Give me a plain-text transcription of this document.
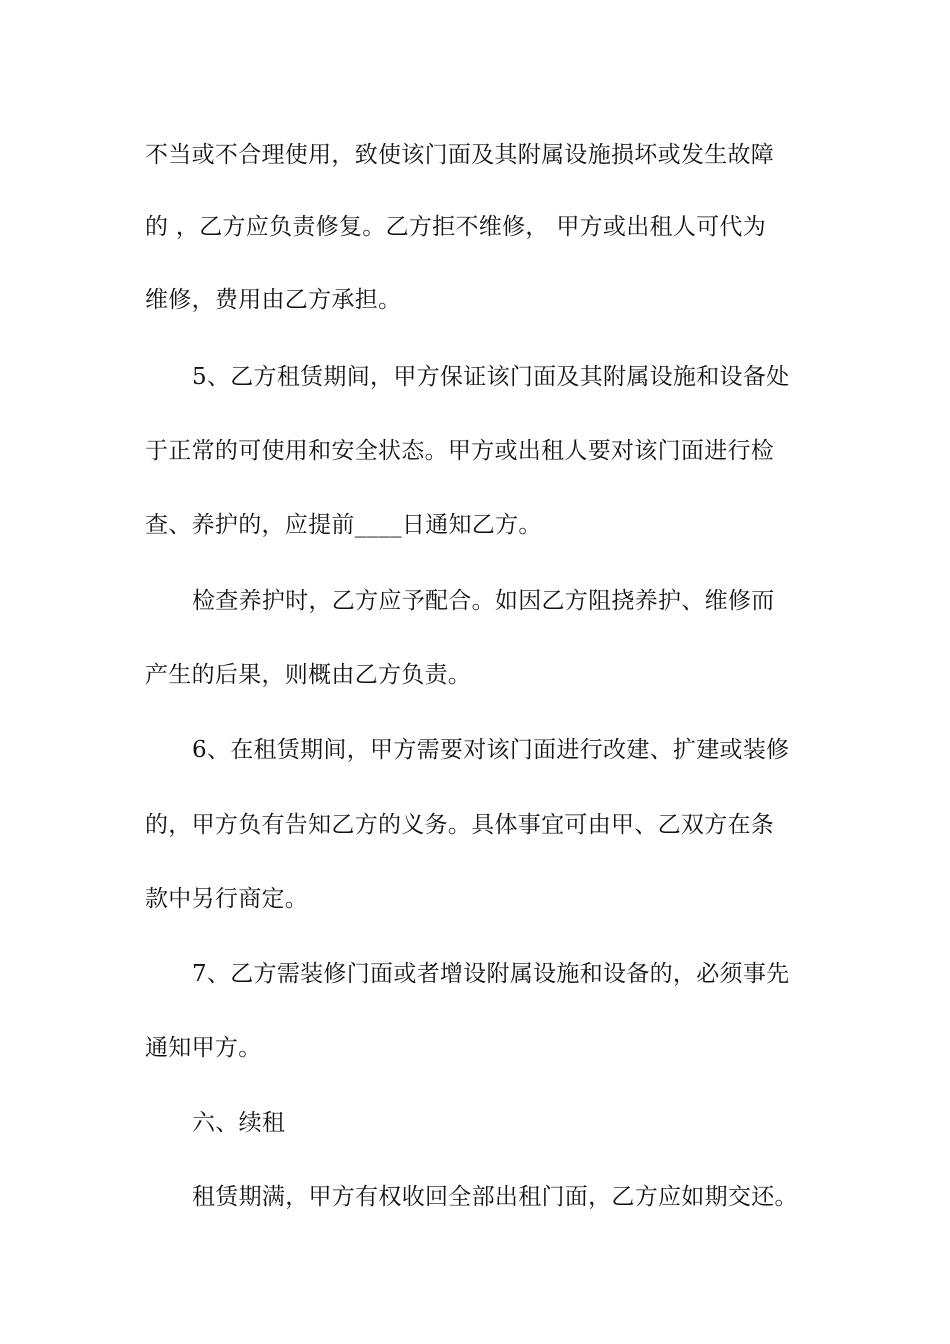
不当或不合理使用，致使该门面及其附属设施损坏或发生故障
的 ，乙方应负责修复。乙方拒不维修， 甲方或出租人可代为
维修，费用由乙方承担。
5、乙方租赁期间，甲方保证该门面及其附属设施和设备处
于正常的可使用和安全状态。甲方或出租人要对该门面进行检
查、养护的，应提前____日通知乙方。
检查养护时，乙方应予配合。如因乙方阻挠养护、维修而
产生的后果，则概由乙方负责。
6、在租赁期间，甲方需要对该门面进行改建、扩建或装修
的，甲方负有告知乙方的义务。具体事宜可由甲、乙双方在条
款中另行商定。
7、乙方需装修门面或者增设附属设施和设备的，必须事先
通知甲方。
六、续租
租赁期满，甲方有权收回全部出租门面，乙方应如期交还。
